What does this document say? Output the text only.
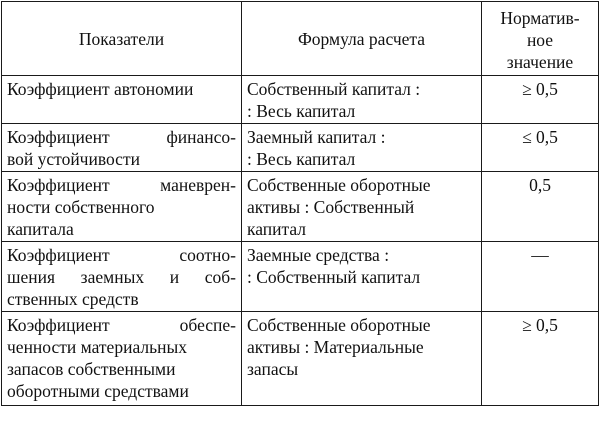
Показатели	Формула расчета	Норматив-
ное
значение

Коэффициент автономии	Собственный капитал :
: Весь капитал	≥ 0,5

Коэффициент финансо-
вой устойчивости	Заемный капитал :
: Весь капитал	≤ 0,5

Коэффициент маневрен-
ности собственного
капитала	Собственные оборотные
активы : Собственный
капитал	0,5

Коэффициент соотно-
шения заемных и соб-
ственных средств	Заемные средства :
: Собственный капитал	—

Коэффициент обеспе-
ченности материальных
запасов собственными
оборотными средствами	Собственные оборотные
активы : Материальные
запасы	≥ 0,5
